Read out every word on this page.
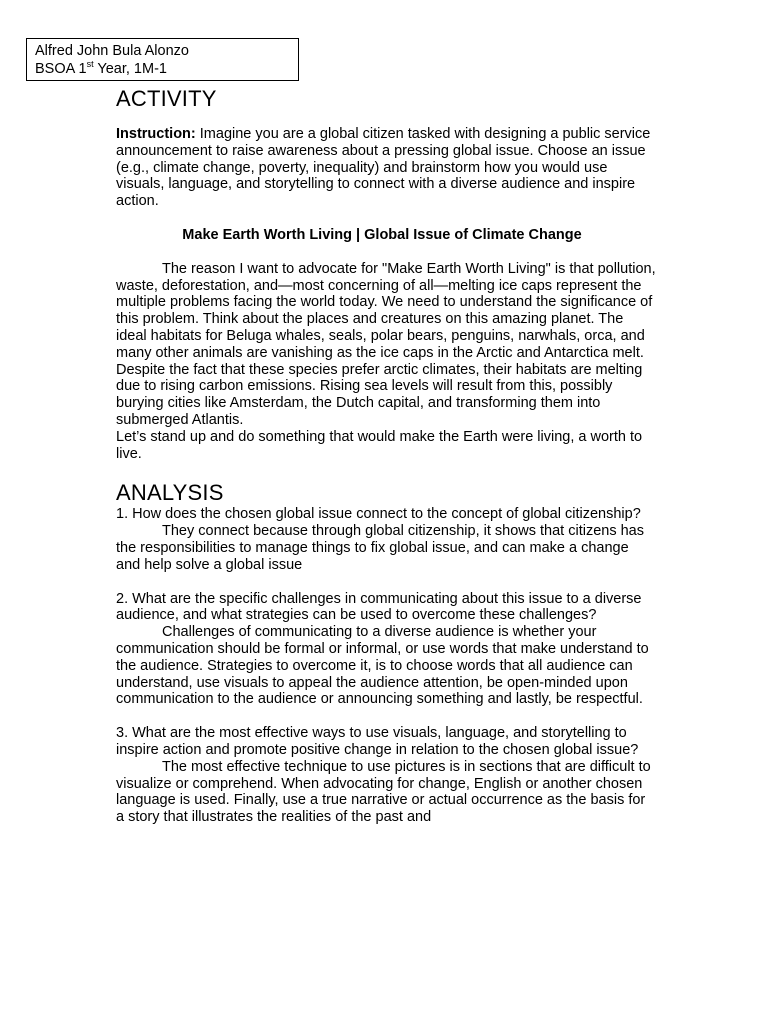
Alfred John Bula Alonzo
BSOA 1st Year, 1M-1
ACTIVITY

Instruction: Imagine you are a global citizen tasked with designing a public service announcement to raise awareness about a pressing global issue. Choose an issue (e.g., climate change, poverty, inequality) and brainstorm how you would use visuals, language, and storytelling to connect with a diverse audience and inspire action.

Make Earth Worth Living | Global Issue of Climate Change

The reason I want to advocate for "Make Earth Worth Living" is that pollution, waste, deforestation, and—most concerning of all—melting ice caps represent the multiple problems facing the world today. We need to understand the significance of this problem. Think about the places and creatures on this amazing planet. The ideal habitats for Beluga whales, seals, polar bears, penguins, narwhals, orca, and many other animals are vanishing as the ice caps in the Arctic and Antarctica melt. Despite the fact that these species prefer arctic climates, their habitats are melting due to rising carbon emissions. Rising sea levels will result from this, possibly burying cities like Amsterdam, the Dutch capital, and transforming them into submerged Atlantis.

Let’s stand up and do something that would make the Earth were living, a worth to live.

ANALYSIS

1. How does the chosen global issue connect to the concept of global citizenship?

They connect because through global citizenship, it shows that citizens has the responsibilities to manage things to fix global issue, and can make a change and help solve a global issue

2. What are the specific challenges in communicating about this issue to a diverse audience, and what strategies can be used to overcome these challenges?

Challenges of communicating to a diverse audience is whether your communication should be formal or informal, or use words that make understand to the audience. Strategies to overcome it, is to choose words that all audience can understand, use visuals to appeal the audience attention, be open-minded upon communication to the audience or announcing something and lastly, be respectful.

3. What are the most effective ways to use visuals, language, and storytelling to inspire action and promote positive change in relation to the chosen global issue?

The most effective technique to use pictures is in sections that are difficult to visualize or comprehend. When advocating for change, English or another chosen language is used. Finally, use a true narrative or actual occurrence as the basis for a story that illustrates the realities of the past and
